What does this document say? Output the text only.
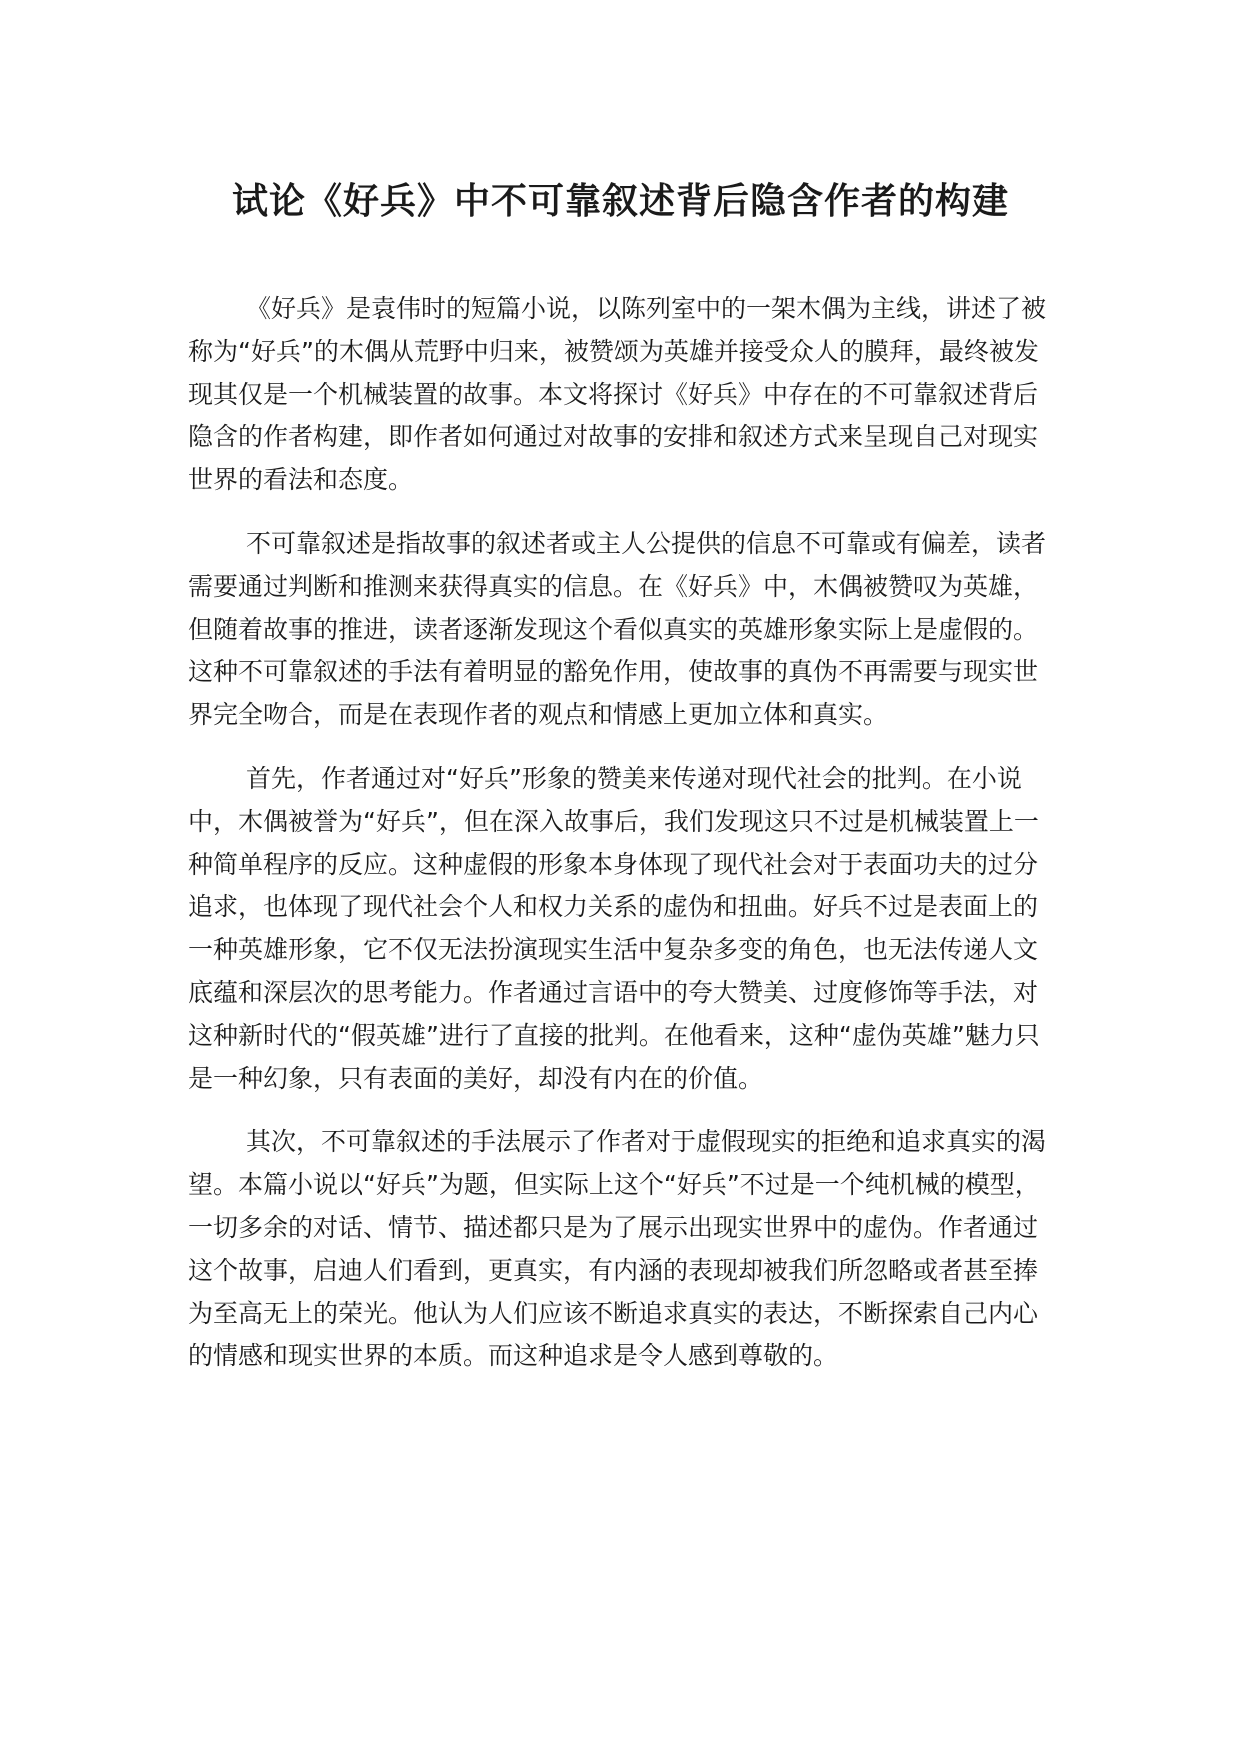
试论《好兵》中不可靠叙述背后隐含作者的构建

《好兵》是袁伟时的短篇小说，以陈列室中的一架木偶为主线，讲述了被称为“好兵”的木偶从荒野中归来，被赞颂为英雄并接受众人的膜拜，最终被发现其仅是一个机械装置的故事。本文将探讨《好兵》中存在的不可靠叙述背后隐含的作者构建，即作者如何通过对故事的安排和叙述方式来呈现自己对现实世界的看法和态度。

不可靠叙述是指故事的叙述者或主人公提供的信息不可靠或有偏差，读者需要通过判断和推测来获得真实的信息。在《好兵》中，木偶被赞叹为英雄，但随着故事的推进，读者逐渐发现这个看似真实的英雄形象实际上是虚假的。这种不可靠叙述的手法有着明显的豁免作用，使故事的真伪不再需要与现实世界完全吻合，而是在表现作者的观点和情感上更加立体和真实。

首先，作者通过对“好兵”形象的赞美来传递对现代社会的批判。在小说中，木偶被誉为“好兵”，但在深入故事后，我们发现这只不过是机械装置上一种简单程序的反应。这种虚假的形象本身体现了现代社会对于表面功夫的过分追求，也体现了现代社会个人和权力关系的虚伪和扭曲。好兵不过是表面上的一种英雄形象，它不仅无法扮演现实生活中复杂多变的角色，也无法传递人文底蕴和深层次的思考能力。作者通过言语中的夸大赞美、过度修饰等手法，对这种新时代的“假英雄”进行了直接的批判。在他看来，这种“虚伪英雄”魅力只是一种幻象，只有表面的美好，却没有内在的价值。

其次，不可靠叙述的手法展示了作者对于虚假现实的拒绝和追求真实的渴望。本篇小说以“好兵”为题，但实际上这个“好兵”不过是一个纯机械的模型，一切多余的对话、情节、描述都只是为了展示出现实世界中的虚伪。作者通过这个故事，启迪人们看到，更真实，有内涵的表现却被我们所忽略或者甚至捧为至高无上的荣光。他认为人们应该不断追求真实的表达，不断探索自己内心的情感和现实世界的本质。而这种追求是令人感到尊敬的。
